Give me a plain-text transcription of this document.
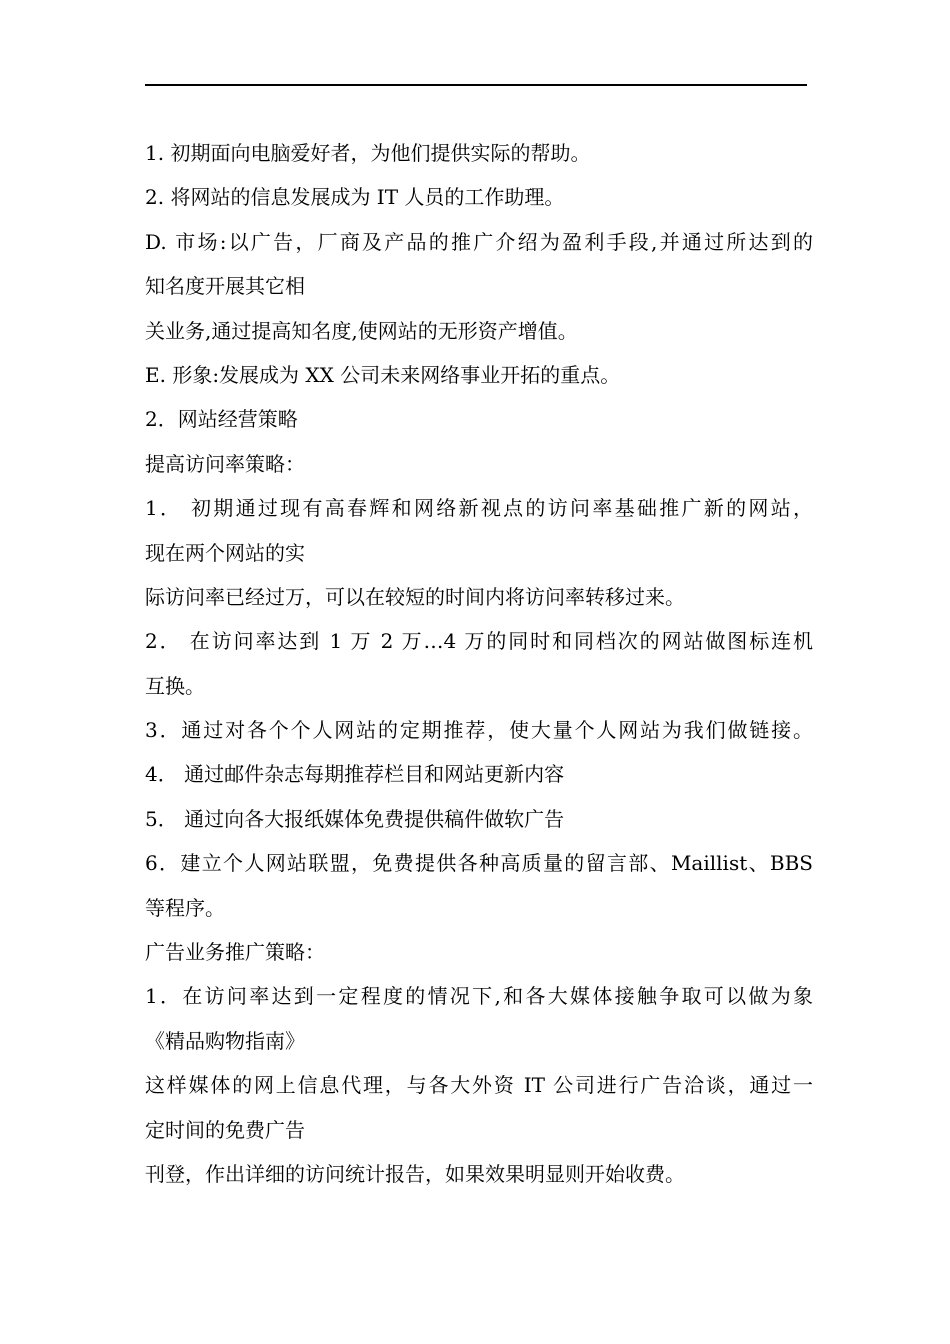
1. 初期面向电脑爱好者，为他们提供实际的帮助。
2. 将网站的信息发展成为 IT 人员的工作助理。
D. 市场:以广告，厂商及产品的推广介绍为盈利手段,并通过所达到的
知名度开展其它相
关业务,通过提高知名度,使网站的无形资产增值。
E. 形象:发展成为 XX 公司未来网络事业开拓的重点。
2．网站经营策略
提高访问率策略：
1． 初期通过现有高春辉和网络新视点的访问率基础推广新的网站，
现在两个网站的实
际访问率已经过万，可以在较短的时间内将访问率转移过来。
2． 在访问率达到 1 万 2 万…4 万的同时和同档次的网站做图标连机
互换。
3．通过对各个个人网站的定期推荐，使大量个人网站为我们做链接。
4． 通过邮件杂志每期推荐栏目和网站更新内容
5． 通过向各大报纸媒体免费提供稿件做软广告
6．建立个人网站联盟，免费提供各种高质量的留言部、Maillist、BBS
等程序。
广告业务推广策略：
1．在访问率达到一定程度的情况下,和各大媒体接触争取可以做为象
《精品购物指南》
这样媒体的网上信息代理，与各大外资 IT 公司进行广告洽谈，通过一
定时间的免费广告
刊登，作出详细的访问统计报告，如果效果明显则开始收费。
